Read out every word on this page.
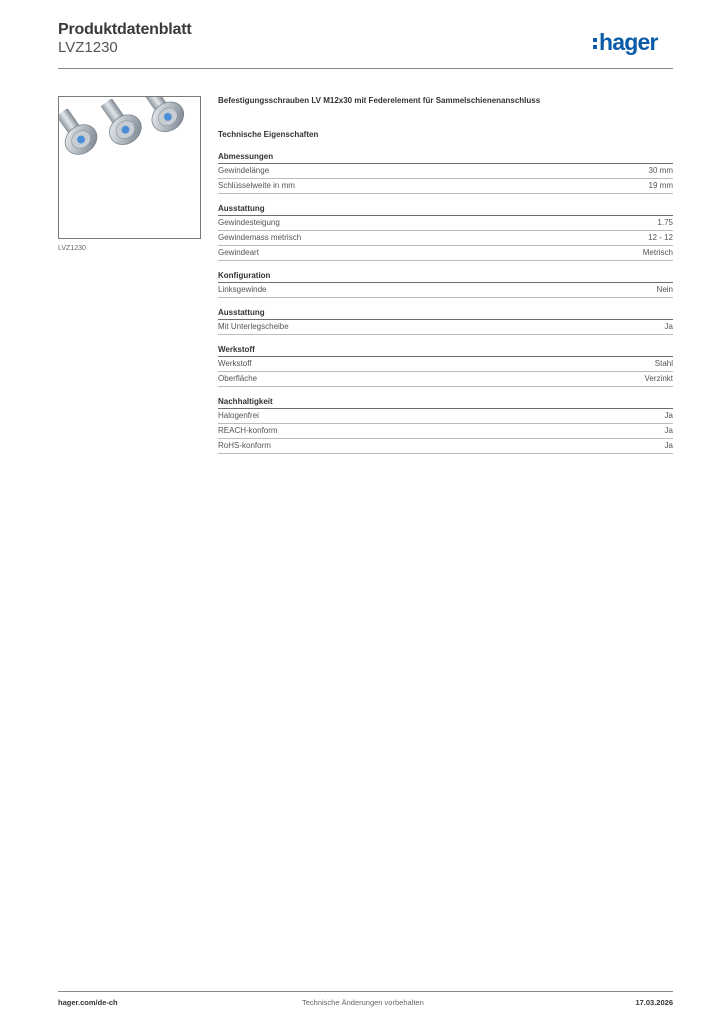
Produktdatenblatt
LVZ1230	hager
LVZ1230
Befestigungsschrauben LV M12x30 mit Federelement für Sammelschienenanschluss
Technische Eigenschaften
Abmessungen
Gewindelänge	30 mm
Schlüsselweite in mm	19 mm
Ausstattung
Gewindesteigung	1.75
Gewindemass metrisch	12 - 12
Gewindeart	Metrisch
Konfiguration
Linksgewinde	Nein
Ausstattung
Mit Unterlegscheibe	Ja
Werkstoff
Werkstoff	Stahl
Oberfläche	Verzinkt
Nachhaltigkeit
Halogenfrei	Ja
REACH-konform	Ja
RoHS-konform	Ja
hager.com/de-ch	Technische Änderungen vorbehalten	17.03.2026
